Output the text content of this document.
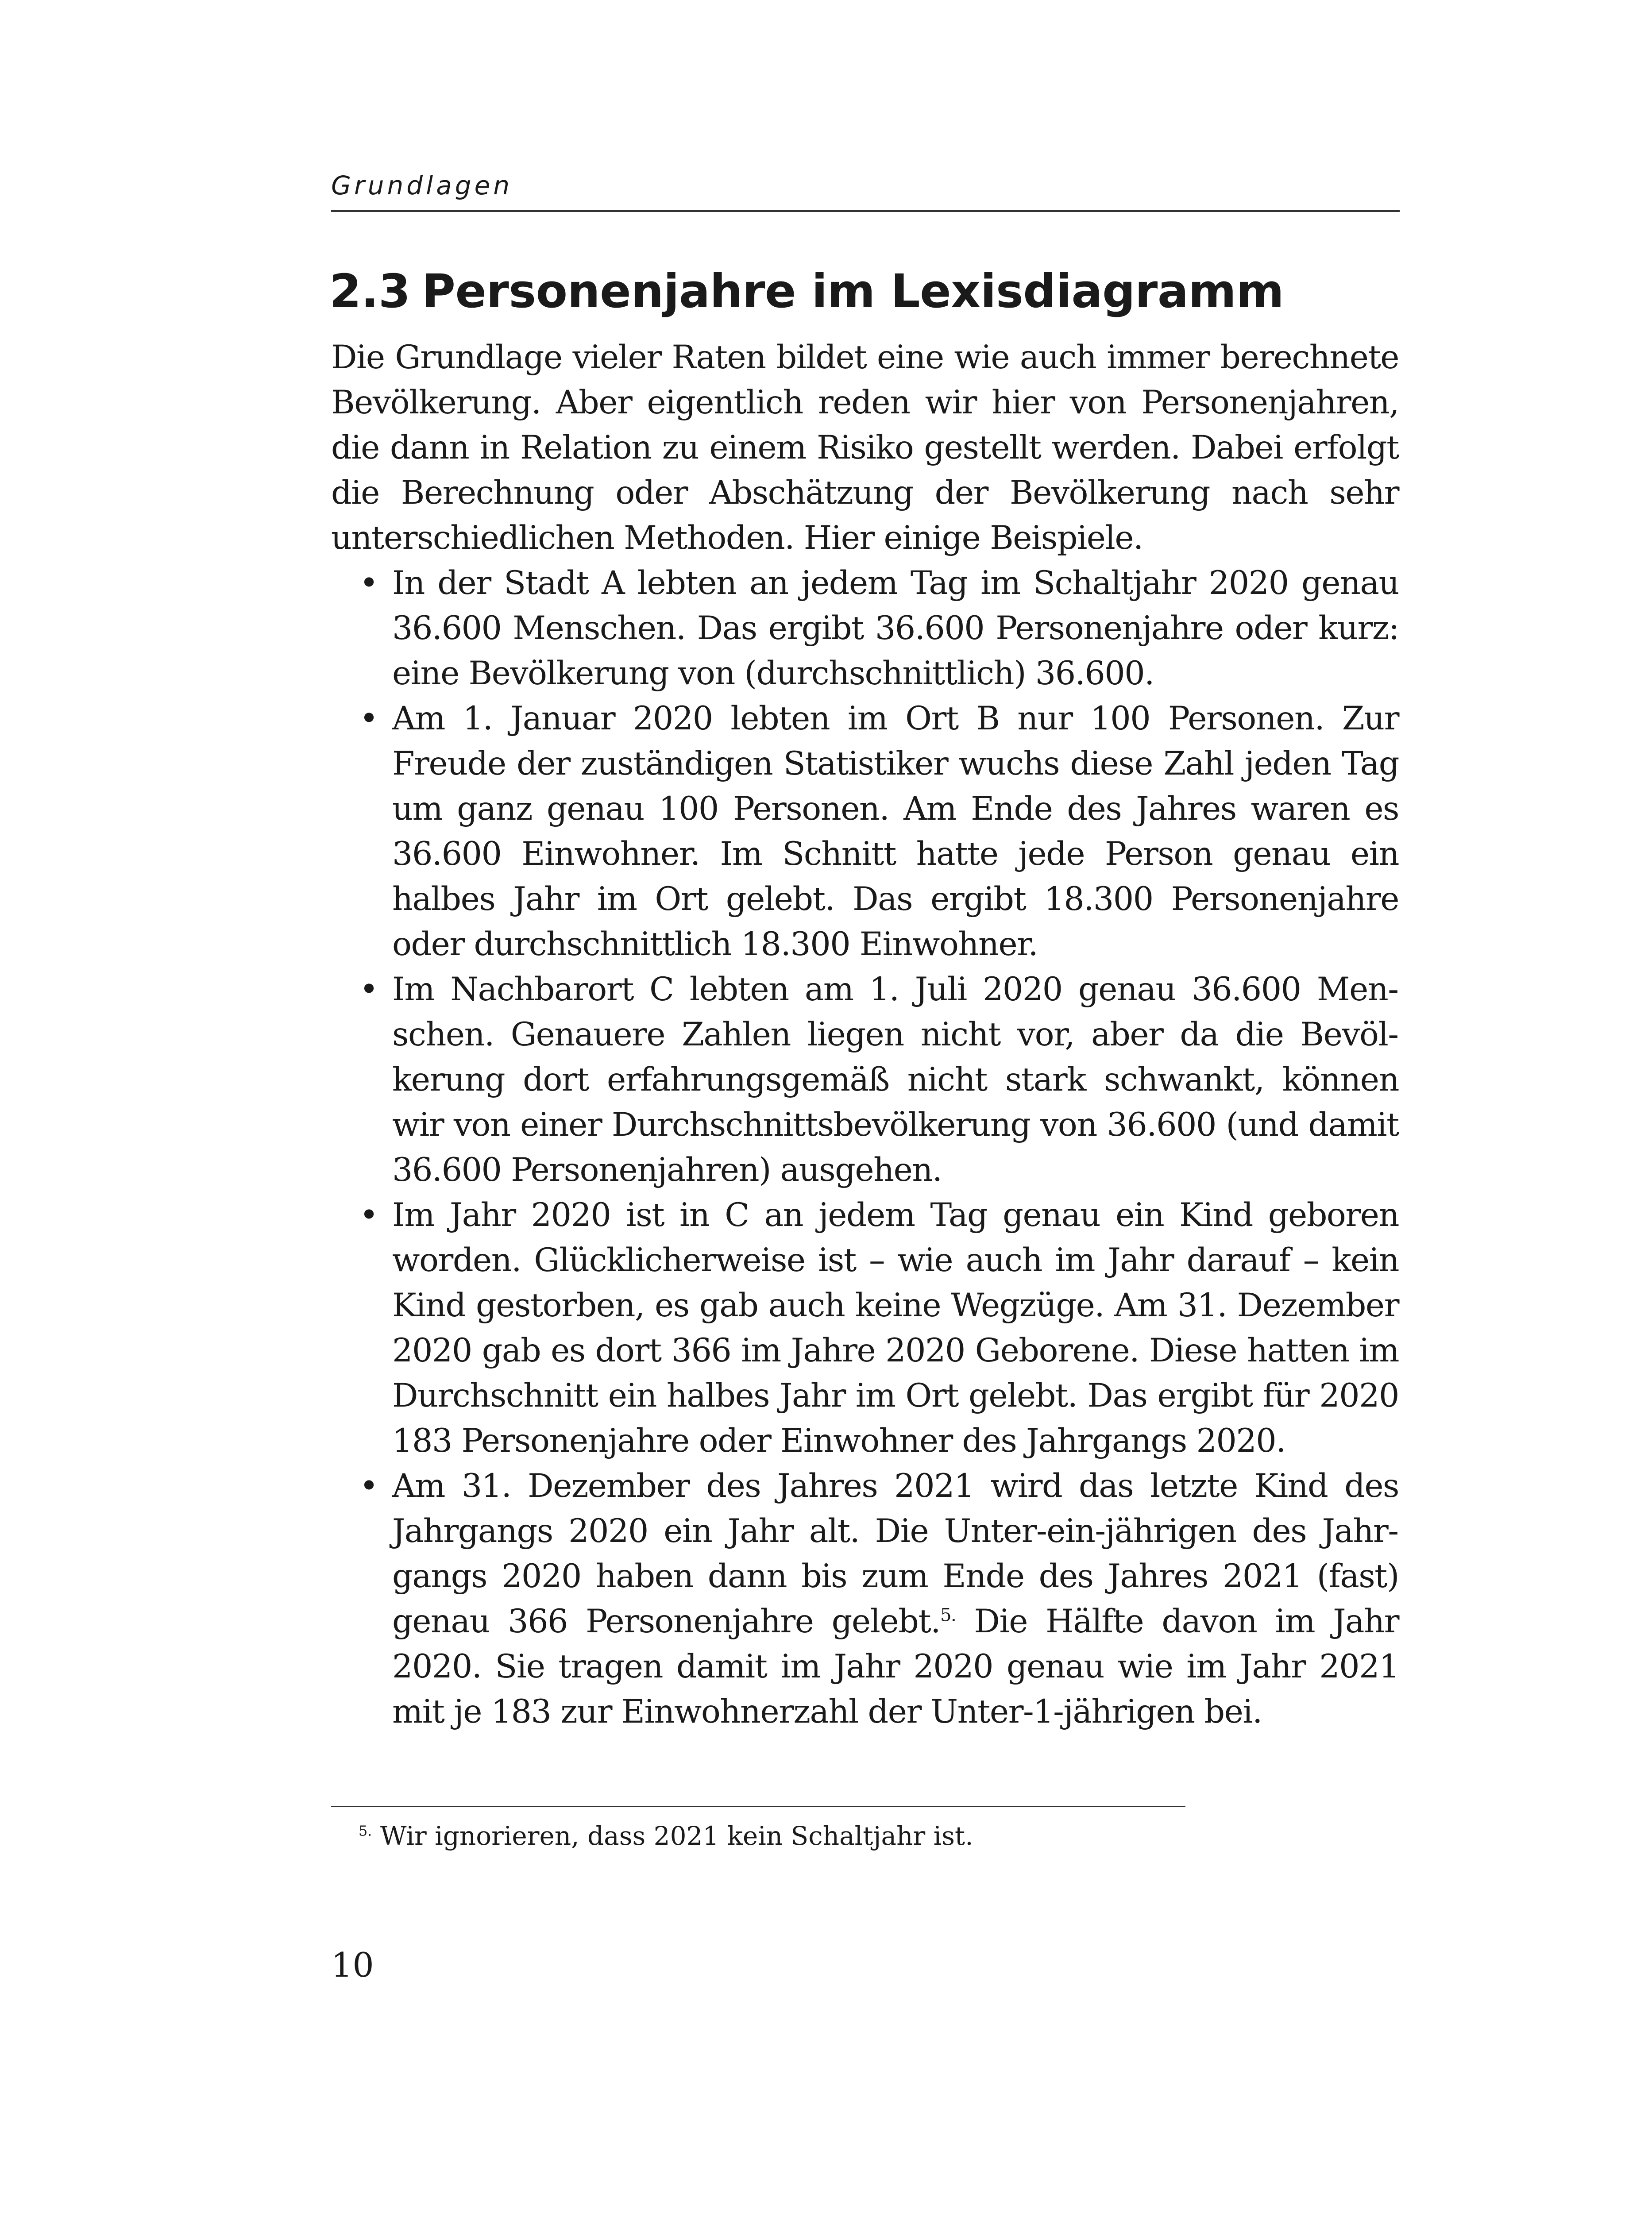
Grundlagen
2.3 Personenjahre im Lexisdiagramm

Die Grundlage vieler Raten bildet eine wie auch immer berechnete Bevölkerung. Aber eigentlich reden wir hier von Personenjahren, die dann in Relation zu einem Risiko gestellt werden. Dabei erfolgt die Berechnung oder Abschätzung der Bevölkerung nach sehr unterschiedlichen Methoden. Hier einige Beispiele.

• In der Stadt A lebten an jedem Tag im Schaltjahr 2020 genau 36.600 Menschen. Das ergibt 36.600 Personenjahre oder kurz: eine Bevölkerung von (durchschnittlich) 36.600.
• Am 1. Januar 2020 lebten im Ort B nur 100 Personen. Zur Freude der zuständigen Statistiker wuchs diese Zahl jeden Tag um ganz genau 100 Personen. Am Ende des Jahres waren es 36.600 Einwohner. Im Schnitt hatte jede Person genau ein halbes Jahr im Ort gelebt. Das ergibt 18.300 Personenjahre oder durchschnittlich 18.300 Einwohner.
• Im Nachbarort C lebten am 1. Juli 2020 genau 36.600 Menschen. Genauere Zahlen liegen nicht vor, aber da die Bevölkerung dort erfahrungsgemäß nicht stark schwankt, können wir von einer Durchschnittsbevölkerung von 36.600 (und damit 36.600 Personenjahren) ausgehen.
• Im Jahr 2020 ist in C an jedem Tag genau ein Kind geboren worden. Glücklicherweise ist – wie auch im Jahr darauf – kein Kind gestorben, es gab auch keine Wegzüge. Am 31. Dezember 2020 gab es dort 366 im Jahre 2020 Geborene. Diese hatten im Durchschnitt ein halbes Jahr im Ort gelebt. Das ergibt für 2020 183 Personenjahre oder Einwohner des Jahrgangs 2020.
• Am 31. Dezember des Jahres 2021 wird das letzte Kind des Jahrgangs 2020 ein Jahr alt. Die Unter-ein-jährigen des Jahrgangs 2020 haben dann bis zum Ende des Jahres 2021 (fast) genau 366 Personenjahre gelebt.$^{5.}$ Die Hälfte davon im Jahr 2020. Sie tragen damit im Jahr 2020 genau wie im Jahr 2021 mit je 183 zur Einwohnerzahl der Unter-1-jährigen bei.
$^{5.}$ Wir ignorieren, dass 2021 kein Schaltjahr ist.
10
